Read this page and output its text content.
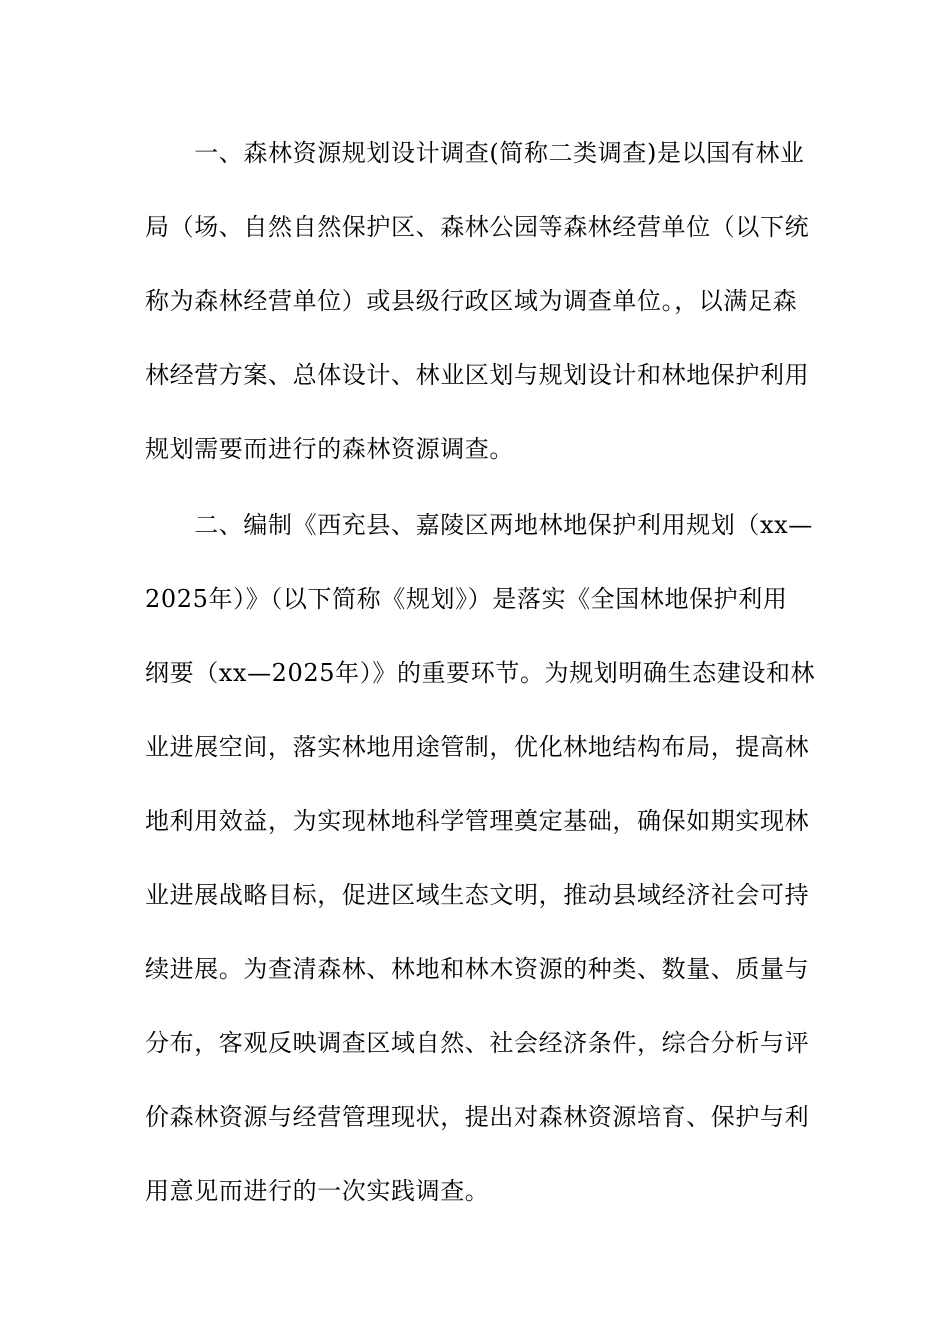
　　一、森林资源规划设计调查(简称二类调查)是以国有林业
局（场、自然自然保护区、森林公园等森林经营单位（以下统
称为森林经营单位）或县级行政区域为调查单位。，以满足森
林经营方案、总体设计、林业区划与规划设计和林地保护利用
规划需要而进行的森林资源调查。
　　二、编制《西充县、嘉陵区两地林地保护利用规划（xx—
2025年）》（以下简称《规划》）是落实《全国林地保护利用
纲要（xx—2025年）》的重要环节。为规划明确生态建设和林
业进展空间，落实林地用途管制，优化林地结构布局，提高林
地利用效益，为实现林地科学管理奠定基础，确保如期实现林
业进展战略目标，促进区域生态文明，推动县域经济社会可持
续进展。为查清森林、林地和林木资源的种类、数量、质量与
分布，客观反映调查区域自然、社会经济条件，综合分析与评
价森林资源与经营管理现状，提出对森林资源培育、保护与利
用意见而进行的一次实践调查。
